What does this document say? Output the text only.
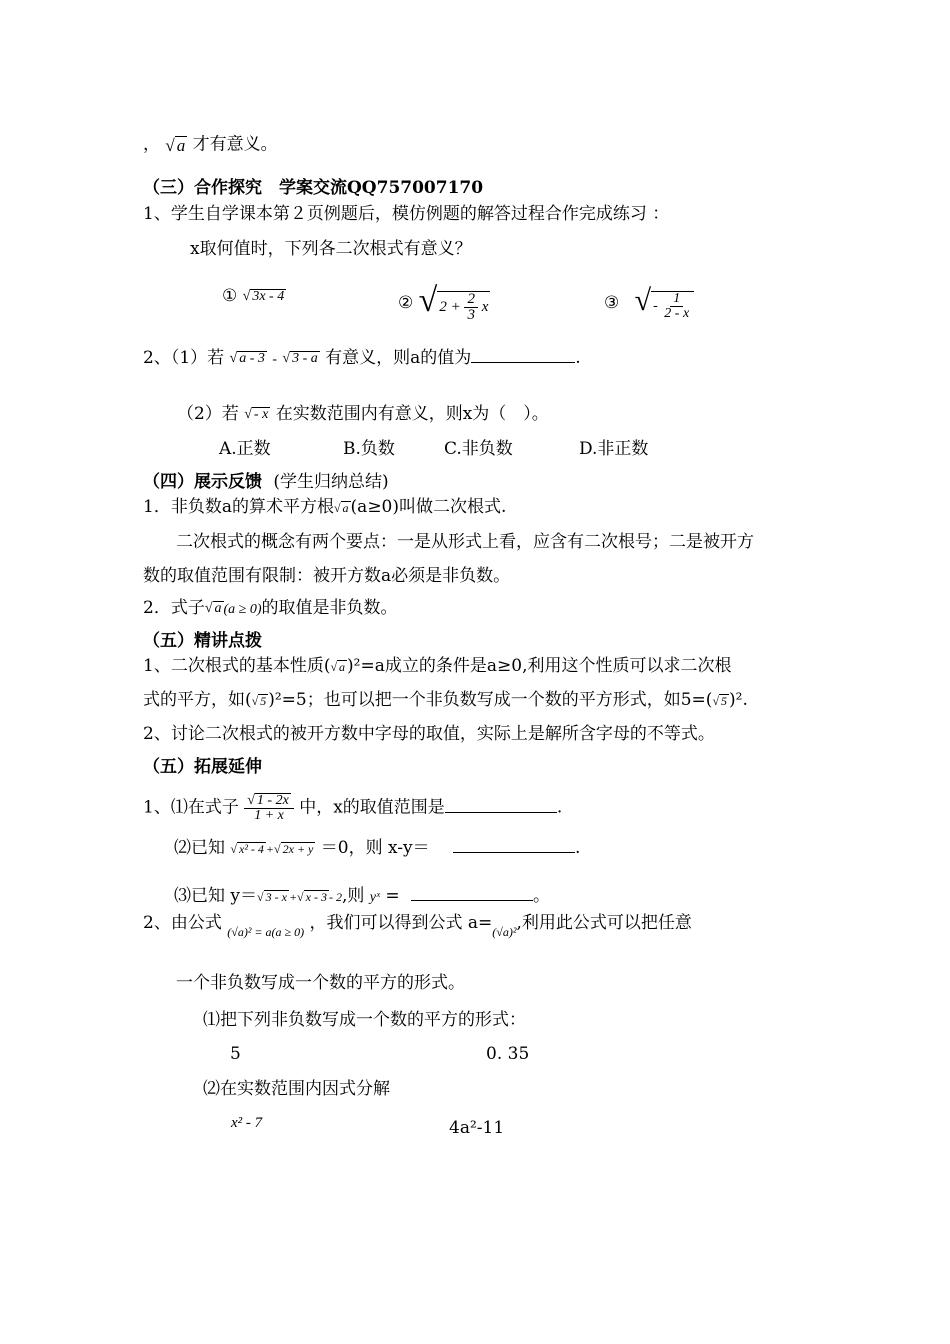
， √ a 才有意义。
（三）合作探究　学案交流QQ757007170
1、学生自学课本第２页例题后，模仿例题的解答过程合作完成练习 ：
x取何值时，下列各二次根式有意义？
① √ 3x - 4	② √ $2 + \frac{2}{3}$ x	③ √ - $\frac{1}{2 - x}$
2、（1）若 √ a - 3 - √ 3 - a 有意义，则a的值为	.
（2）若 √ - x 在实数范围内有意义，则x为（　）。
A.正数	B.负数	C.非负数	D.非正数
（四）展示反馈 (学生归纳总结)
1．非负数a的算术平方根√ a (a≥0)叫做二次根式.
二次根式的概念有两个要点：一是从形式上看，应含有二次根号；二是被开方
数的取值范围有限制：被开方数a必须是非负数。
2．式子√ a (a ≥ 0)的取值是非负数。
（五）精讲点拨
1、二次根式的基本性质(√ a )²=a成立的条件是a≥0,利用这个性质可以求二次根
式的平方，如(√ 5 )²=5；也可以把一个非负数写成一个数的平方形式，如5=(√ 5 )².
2、讨论二次根式的被开方数中字母的取值，实际上是解所含字母的不等式。
（五）拓展延伸
1、⑴在式子 $\frac{√ 1 - 2x}{1 + x}$ 中，x的取值范围是	.
⑵已知 √ x² - 4 +√ 2x + y ＝0，则 x-y＝	.
⑶已知 y＝√ 3 - x +√ x - 3 - 2,则 yˣ =	。
2、由公式 $_{(√a)^2 = a(a \ge 0)}$ ，我们可以得到公式 $a=_{(√a)^2}$,利用此公式可以把任意
一个非负数写成一个数的平方的形式。
⑴把下列非负数写成一个数的平方的形式：
5	0. 35
⑵在实数范围内因式分解
x² - 7	4a²-11
